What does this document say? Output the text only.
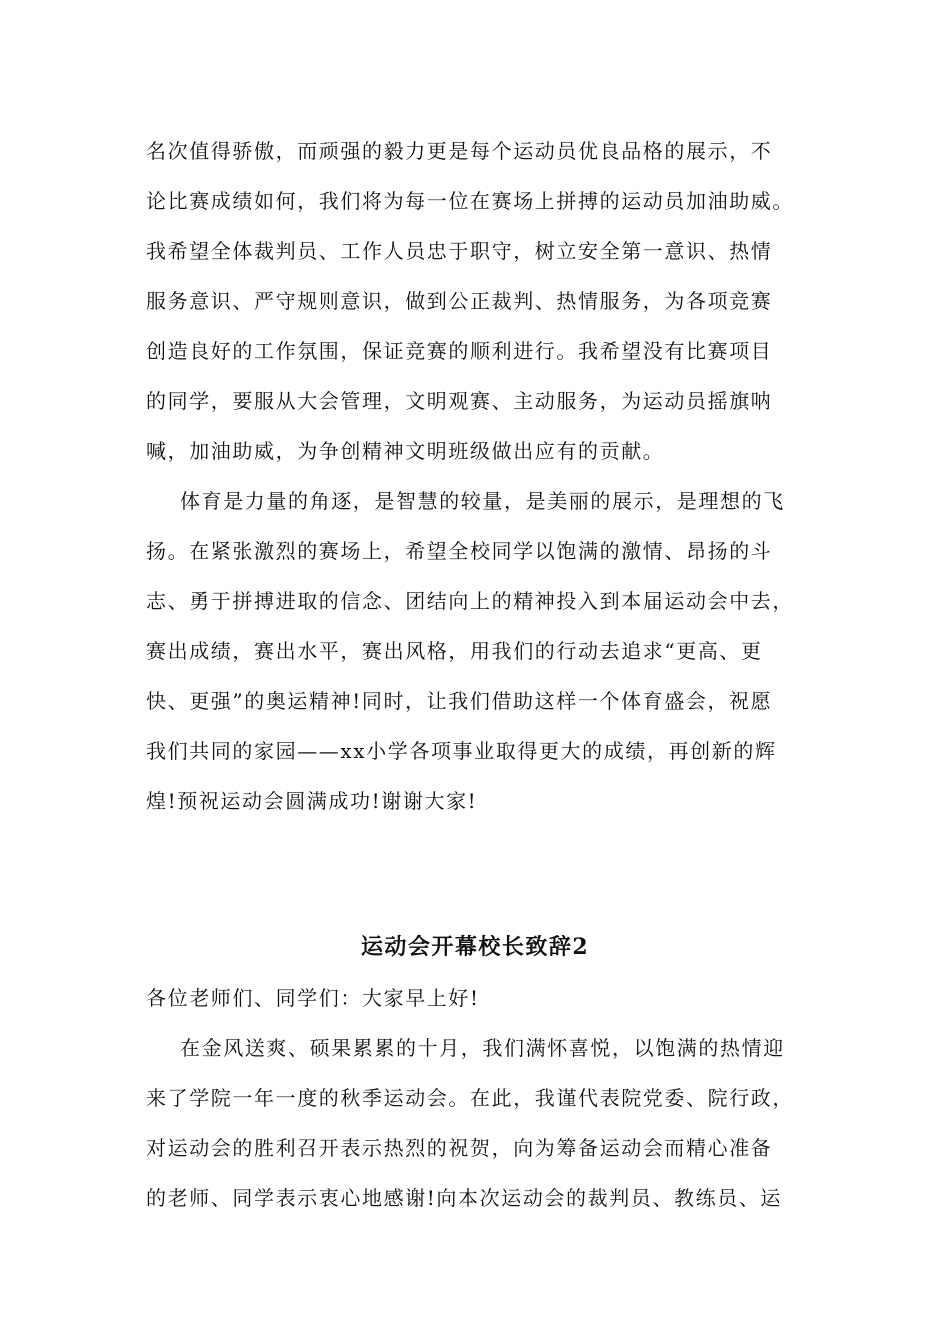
名次值得骄傲，而顽强的毅力更是每个运动员优良品格的展示，不
论比赛成绩如何，我们将为每一位在赛场上拼搏的运动员加油助威。
我希望全体裁判员、工作人员忠于职守，树立安全第一意识、热情
服务意识、严守规则意识，做到公正裁判、热情服务，为各项竞赛
创造良好的工作氛围，保证竞赛的顺利进行。我希望没有比赛项目
的同学，要服从大会管理，文明观赛、主动服务，为运动员摇旗呐
喊，加油助威，为争创精神文明班级做出应有的贡献。
体育是力量的角逐，是智慧的较量，是美丽的展示，是理想的飞
扬。在紧张激烈的赛场上，希望全校同学以饱满的激情、昂扬的斗
志、勇于拼搏进取的信念、团结向上的精神投入到本届运动会中去，
赛出成绩，赛出水平，赛出风格，用我们的行动去追求“更高、更
快、更强”的奥运精神!同时，让我们借助这样一个体育盛会，祝愿
我们共同的家园——xx小学各项事业取得更大的成绩，再创新的辉
煌!预祝运动会圆满成功!谢谢大家!
运动会开幕校长致辞2
各位老师们、同学们：大家早上好!
在金风送爽、硕果累累的十月，我们满怀喜悦，以饱满的热情迎
来了学院一年一度的秋季运动会。在此，我谨代表院党委、院行政，
对运动会的胜利召开表示热烈的祝贺，向为筹备运动会而精心准备
的老师、同学表示衷心地感谢!向本次运动会的裁判员、教练员、运
